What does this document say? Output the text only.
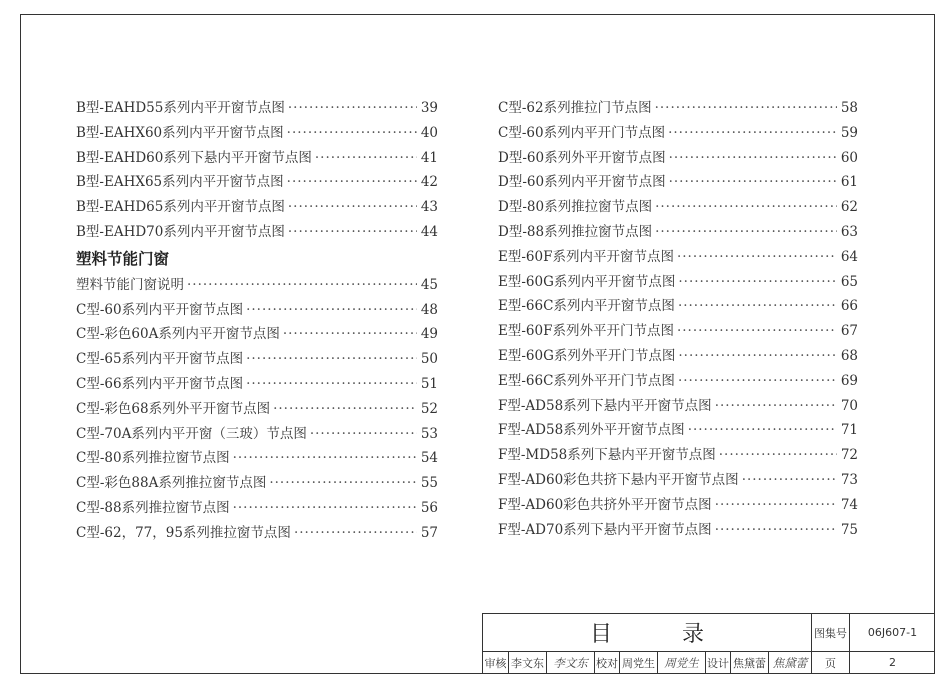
B型-EAHD55系列内平开窗节点图 ·····	39
B型-EAHX60系列内平开窗节点图 ·····	40
B型-EAHD60系列下悬内平开窗节点图 ·····	41
B型-EAHX65系列内平开窗节点图 ·····	42
B型-EAHD65系列内平开窗节点图 ·····	43
B型-EAHD70系列内平开窗节点图 ·····	44
塑料节能门窗
塑料节能门窗说明 ·····	45
C型-60系列内平开窗节点图 ·····	48
C型-彩色60A系列内平开窗节点图 ·····	49
C型-65系列内平开窗节点图 ·····	50
C型-66系列内平开窗节点图 ·····	51
C型-彩色68系列外平开窗节点图 ·····	52
C型-70A系列内平开窗（三玻）节点图 ·····	53
C型-80系列推拉窗节点图 ·····	54
C型-彩色88A系列推拉窗节点图 ·····	55
C型-88系列推拉窗节点图 ·····	56
C型-62，77，95系列推拉窗节点图 ·····	57
C型-62系列推拉门节点图 ·····	58
C型-60系列内平开门节点图 ·····	59
D型-60系列外平开窗节点图 ·····	60
D型-60系列内平开窗节点图 ·····	61
D型-80系列推拉窗节点图 ·····	62
D型-88系列推拉窗节点图 ·····	63
E型-60F系列内平开窗节点图 ·····	64
E型-60G系列内平开窗节点图 ·····	65
E型-66C系列内平开窗节点图 ·····	66
E型-60F系列外平开门节点图 ·····	67
E型-60G系列外平开门节点图 ·····	68
E型-66C系列外平开门节点图 ·····	69
F型-AD58系列下悬内平开窗节点图 ·····	70
F型-AD58系列外平开窗节点图 ·····	71
F型-MD58系列下悬内平开窗节点图 ·····	72
F型-AD60彩色共挤下悬内平开窗节点图 ·····	73
F型-AD60彩色共挤外平开窗节点图 ·····	74
F型-AD70系列下悬内平开窗节点图 ·····	75
目录	图集号	06J607-1
审核 李文东 李文东 校对 周党生 周党生 设计 焦黛蕾 焦黛蕾	页	2
